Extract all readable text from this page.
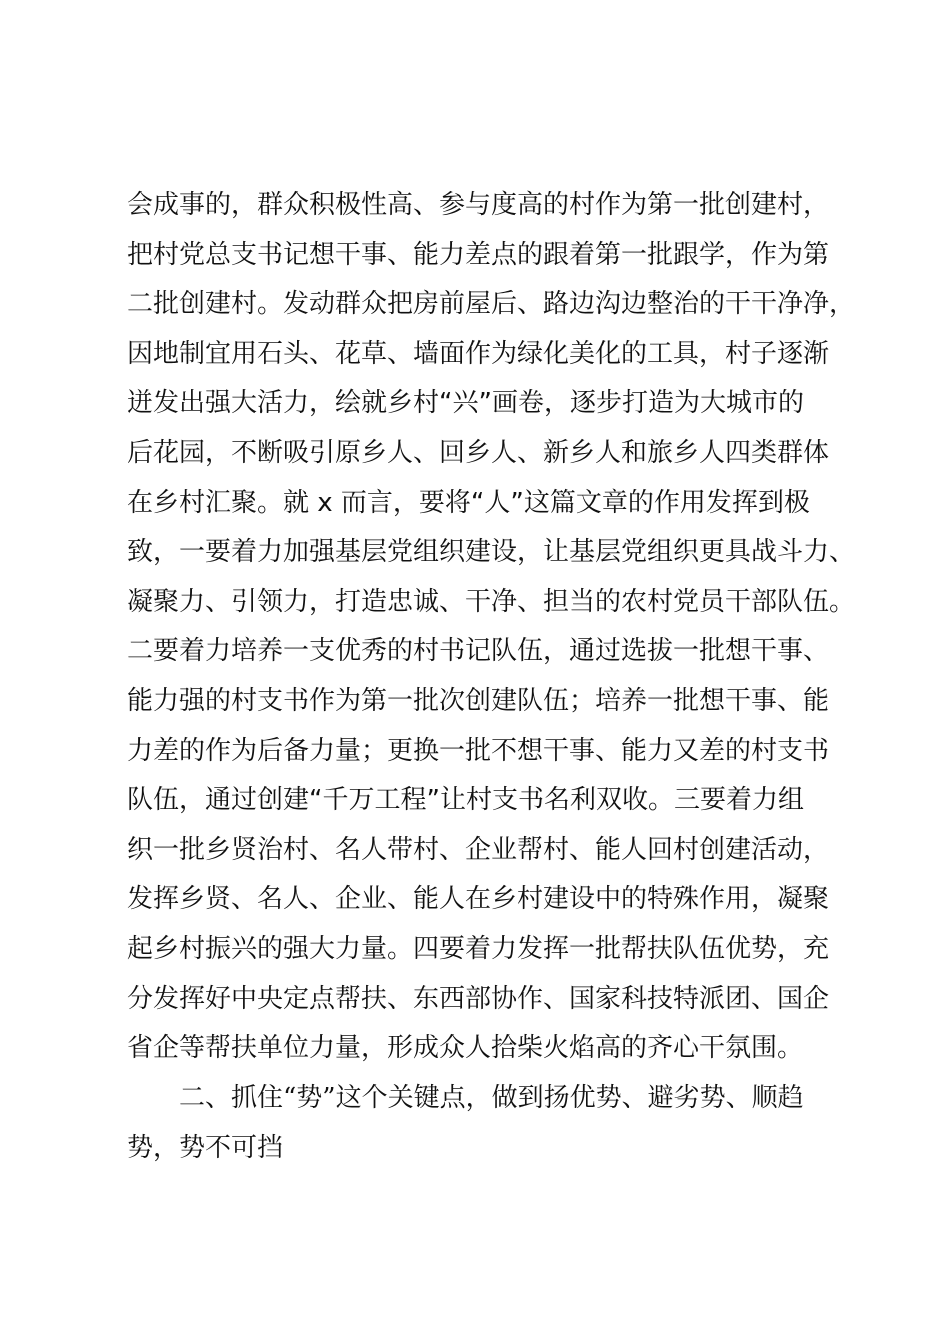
会成事的，群众积极性高、参与度高的村作为第一批创建村，
把村党总支书记想干事、能力差点的跟着第一批跟学，作为第
二批创建村。发动群众把房前屋后、路边沟边整治的干干净净，
因地制宜用石头、花草、墙面作为绿化美化的工具，村子逐渐
迸发出强大活力，绘就乡村“兴”画卷，逐步打造为大城市的
后花园，不断吸引原乡人、回乡人、新乡人和旅乡人四类群体
在乡村汇聚。就 x 而言，要将“人”这篇文章的作用发挥到极
致，一要着力加强基层党组织建设，让基层党组织更具战斗力、
凝聚力、引领力，打造忠诚、干净、担当的农村党员干部队伍。
二要着力培养一支优秀的村书记队伍，通过选拔一批想干事、
能力强的村支书作为第一批次创建队伍；培养一批想干事、能
力差的作为后备力量；更换一批不想干事、能力又差的村支书
队伍，通过创建“千万工程”让村支书名利双收。三要着力组
织一批乡贤治村、名人带村、企业帮村、能人回村创建活动，
发挥乡贤、名人、企业、能人在乡村建设中的特殊作用，凝聚
起乡村振兴的强大力量。四要着力发挥一批帮扶队伍优势，充
分发挥好中央定点帮扶、东西部协作、国家科技特派团、国企
省企等帮扶单位力量，形成众人拾柴火焰高的齐心干氛围。
二、抓住“势”这个关键点，做到扬优势、避劣势、顺趋
势，势不可挡
